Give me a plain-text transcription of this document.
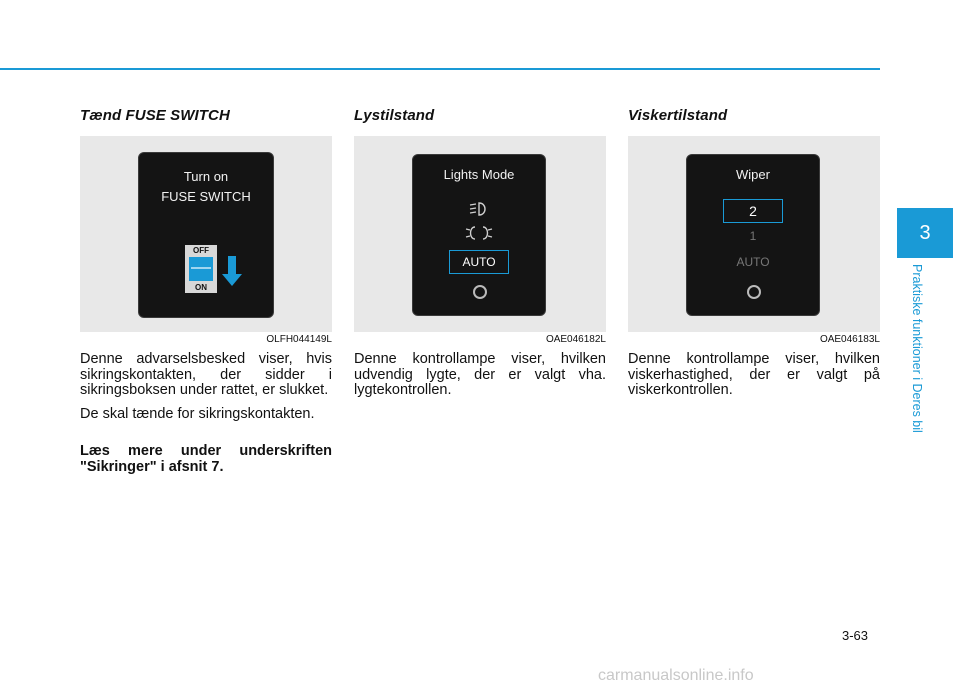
Tænd FUSE SWITCH
Turn on
FUSE SWITCH
OFF
ON
OLFH044149L

Denne advarselsbesked viser, hvis sikringskontakten, der sidder i sikringsboksen under rattet, er slukket.

De skal tænde for sikringskontakten.

Læs mere under underskriften "Sikringer" i afsnit 7.

Lystilstand
Lights Mode
AUTO
OAE046182L

Denne kontrollampe viser, hvilken udvendig lygte, der er valgt vha. lygtekontrollen.

Viskertilstand
Wiper
2
1
AUTO
OAE046183L

Denne kontrollampe viser, hvilken viskerhastighed, der er valgt på viskerkontrollen.

3
Praktiske funktioner i Deres bil
3-63
carmanualsonline.info
